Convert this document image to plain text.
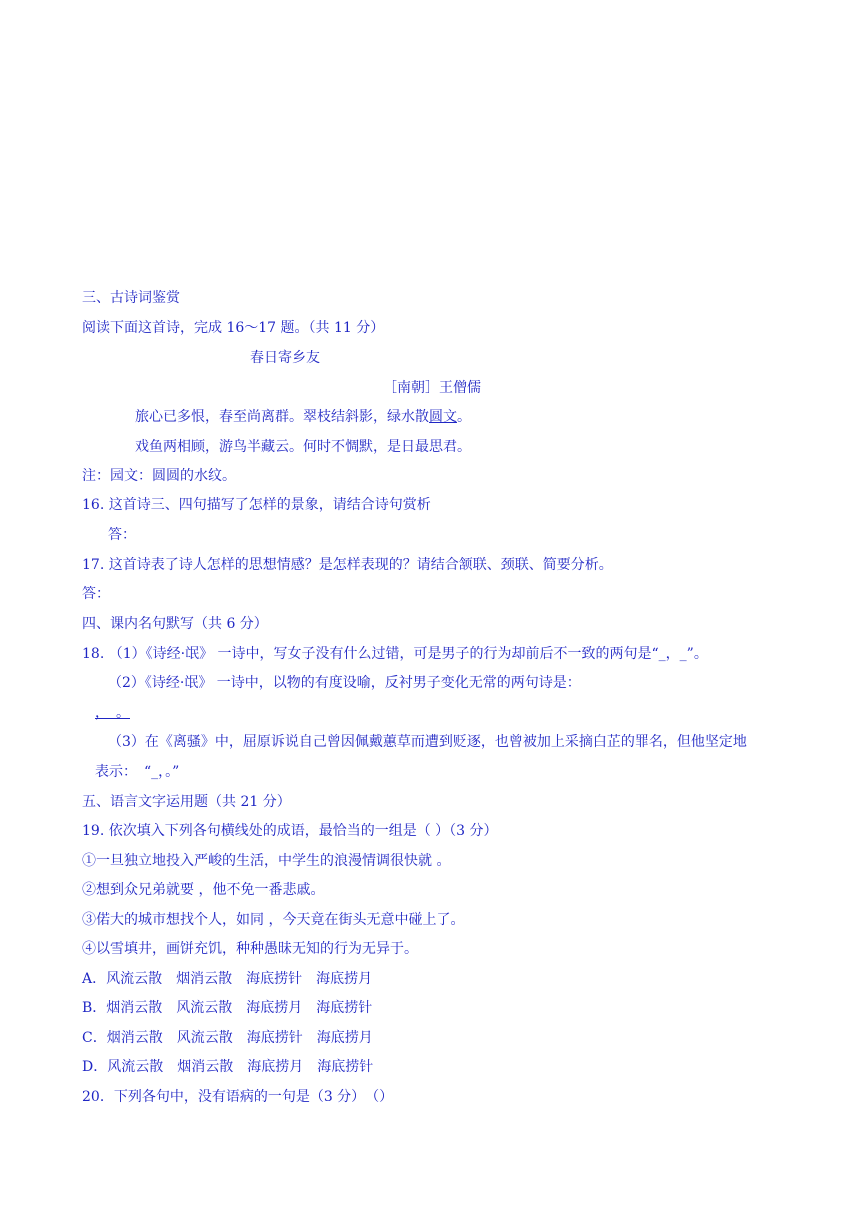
三、古诗词鉴赏
阅读下面这首诗，完成 16～17 题。（共 11 分）
春日寄乡友
［南朝］王僧儒
旅心已多恨，春至尚离群。翠枝结斜影，绿水散圆文。
戏鱼两相顾，游鸟半藏云。何时不惆默，是日最思君。
注：园文：圆圆的水纹。
16. 这首诗三、四句描写了怎样的景象，请结合诗句赏析
答：
17. 这首诗表了诗人怎样的思想情感？是怎样表现的？请结合颔联、颈联、简要分析。
答：
四、课内名句默写（共 6 分）
18. （1）《诗经·氓》 一诗中，写女子没有什么过错，可是男子的行为却前后不一致的两句是“_，_”。
（2）《诗经·氓》 一诗中，以物的有度设喻，反衬男子变化无常的两句诗是：
，　。
（3）在《离骚》中，屈原诉说自己曾因佩戴蕙草而遭到贬逐，也曾被加上采摘白芷的罪名，但他坚定地
表示：　“_，。”
五、语言文字运用题（共 21 分）
19. 依次填入下列各句横线处的成语，最恰当的一组是（ ）（3 分）
①一旦独立地投入严峻的生活，中学生的浪漫情调很快就 。
②想到众兄弟就要 ，他不免一番悲戚。
③偌大的城市想找个人，如同 ，今天竟在街头无意中碰上了。
④以雪填井，画饼充饥，种种愚昧无知的行为无异于。
A．风流云散　烟消云散　海底捞针　海底捞月
B．烟消云散　风流云散　海底捞月　海底捞针
C．烟消云散　风流云散　海底捞针　海底捞月
D．风流云散　烟消云散　海底捞月　海底捞针
20．下列各句中，没有语病的一句是（3 分）　（）
